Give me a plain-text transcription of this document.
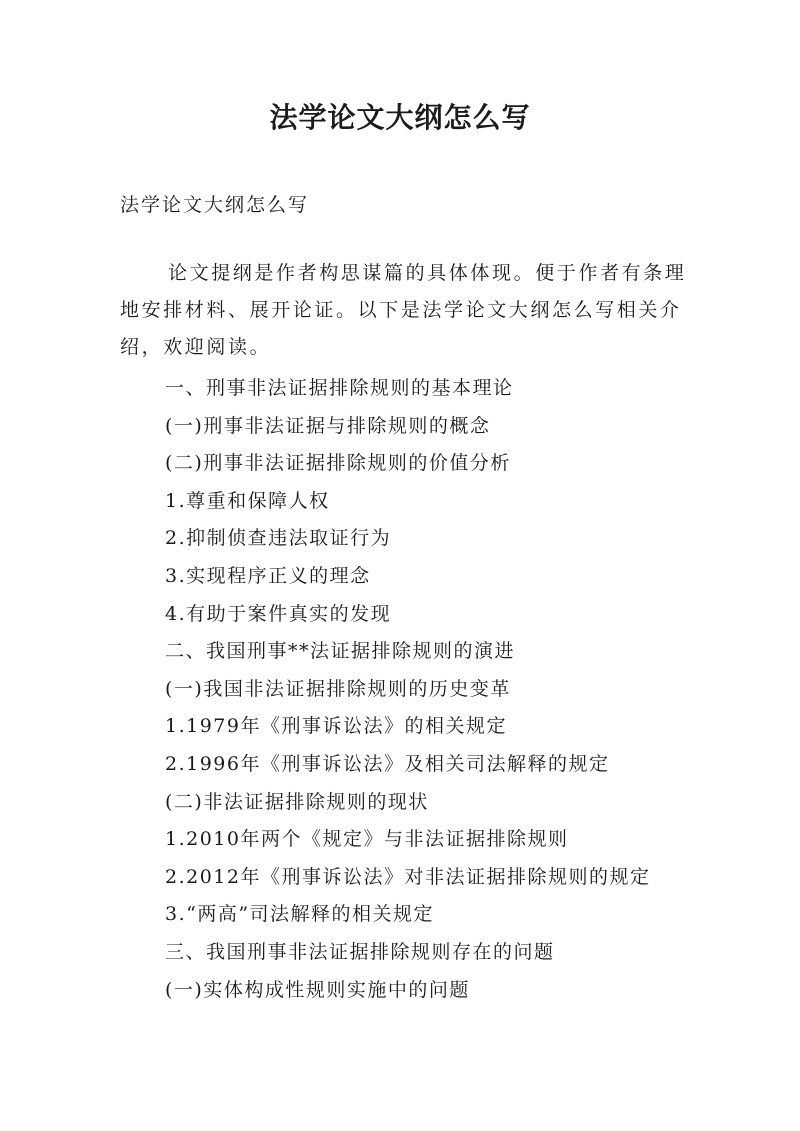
法学论文大纲怎么写
法学论文大纲怎么写

论文提纲是作者构思谋篇的具体体现。便于作者有条理地安排材料、展开论证。以下是法学论文大纲怎么写相关介绍，欢迎阅读。

一、刑事非法证据排除规则的基本理论
(一)刑事非法证据与排除规则的概念
(二)刑事非法证据排除规则的价值分析
1.尊重和保障人权
2.抑制侦查违法取证行为
3.实现程序正义的理念
4.有助于案件真实的发现
二、我国刑事**法证据排除规则的演进
(一)我国非法证据排除规则的历史变革
1.1979年《刑事诉讼法》的相关规定
2.1996年《刑事诉讼法》及相关司法解释的规定
(二)非法证据排除规则的现状
1.2010年两个《规定》与非法证据排除规则
2.2012年《刑事诉讼法》对非法证据排除规则的规定
3.“两高”司法解释的相关规定
三、我国刑事非法证据排除规则存在的问题
(一)实体构成性规则实施中的问题
